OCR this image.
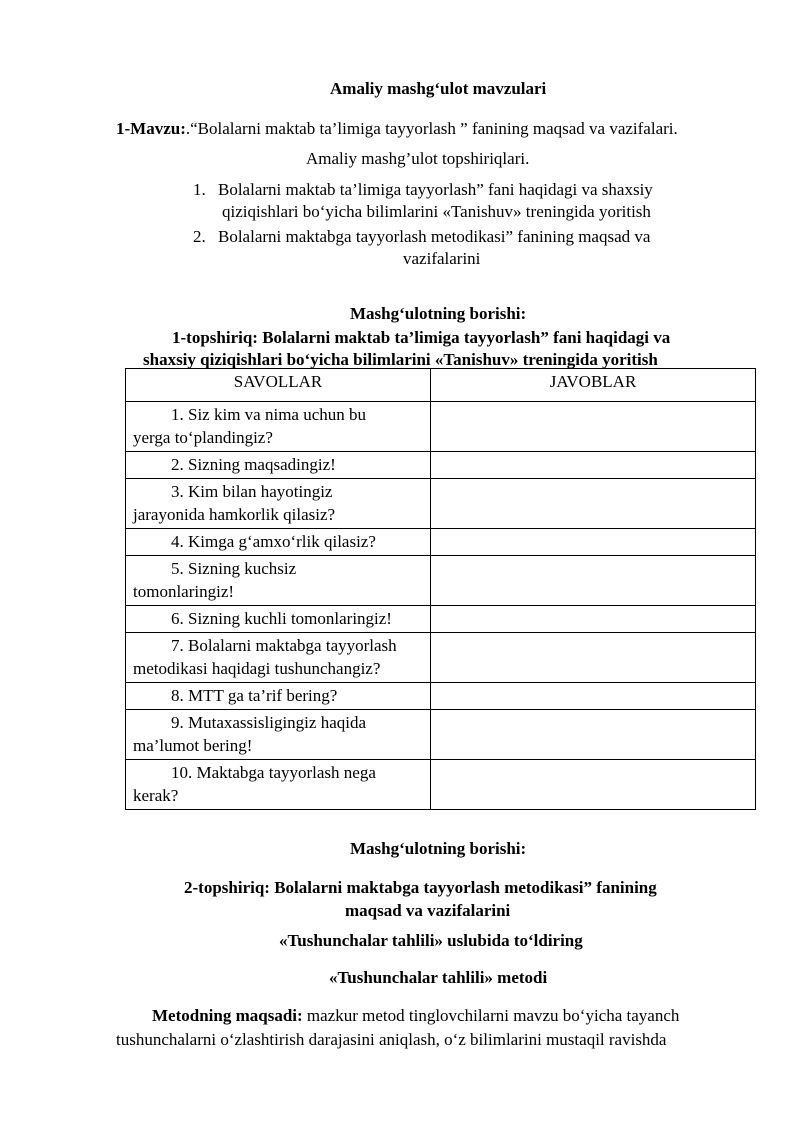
Amaliy mashg‘ulot mavzulari
1-Mavzu:.“Bolalarni maktab ta’limiga tayyorlash ” fanining maqsad va vazifalari.
Amaliy mashg’ulot topshiriqlari.
1. Bolalarni maktab ta’limiga tayyorlash” fani haqidagi va shaxsiy
qiziqishlari bo‘yicha bilimlarini «Tanishuv» treningida yoritish
2. Bolalarni maktabga tayyorlash metodikasi” fanining maqsad va
vazifalarini
Mashg‘ulotning borishi:
1-topshiriq: Bolalarni maktab ta’limiga tayyorlash” fani haqidagi va
shaxsiy qiziqishlari bo‘yicha bilimlarini «Tanishuv» treningida yoritish
SAVOLLAR	JAVOBLAR

1. Siz kim va nima uchun bu
yerga to‘plandingiz?	

2. Sizning maqsadingiz!	

3. Kim bilan hayotingiz
jarayonida hamkorlik qilasiz?	

4. Kimga g‘amxo‘rlik qilasiz?	

5. Sizning kuchsiz
tomonlaringiz!	

6. Sizning kuchli tomonlaringiz!	

7. Bolalarni maktabga tayyorlash
metodikasi haqidagi tushunchangiz?	

8. MTT ga ta’rif bering?	

9. Mutaxassisligingiz haqida
ma’lumot bering!	

10. Maktabga tayyorlash nega
kerak?	
Mashg‘ulotning borishi:
2-topshiriq: Bolalarni maktabga tayyorlash metodikasi” fanining
maqsad va vazifalarini
«Tushunchalar tahlili» uslubida to‘ldiring
«Tushunchalar tahlili» metodi
Metodning maqsadi: mazkur metod tinglovchilarni mavzu bo‘yicha tayanch
tushunchalarni o‘zlashtirish darajasini aniqlash, o‘z bilimlarini mustaqil ravishda
